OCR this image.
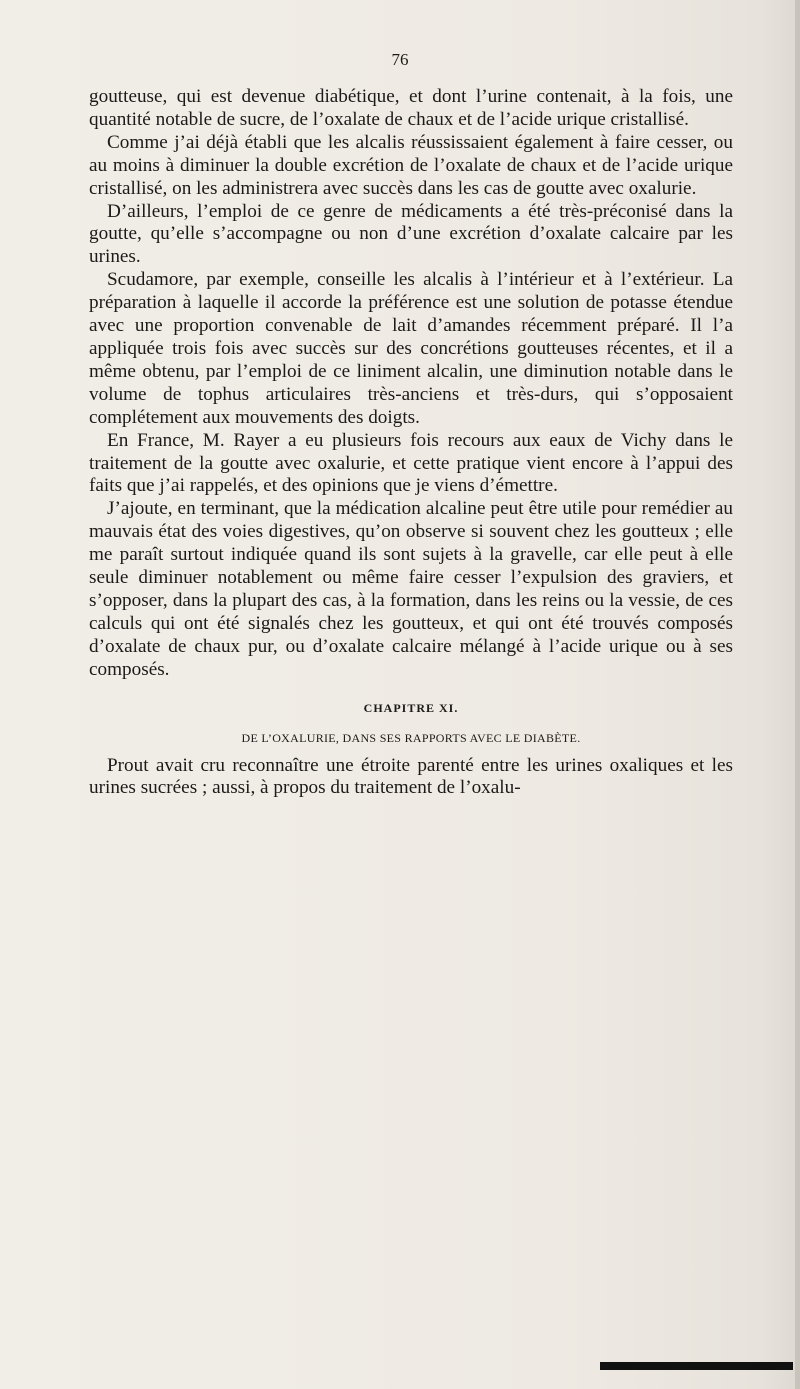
76

goutteuse, qui est devenue diabétique, et dont l’urine contenait, à la fois, une quantité notable de sucre, de l’oxalate de chaux et de l’acide urique cristallisé.

Comme j’ai déjà établi que les alcalis réussissaient également à faire cesser, ou au moins à diminuer la double excrétion de l’oxalate de chaux et de l’acide urique cristallisé, on les administrera avec succès dans les cas de goutte avec oxalurie.

D’ailleurs, l’emploi de ce genre de médicaments a été très-préconisé dans la goutte, qu’elle s’accompagne ou non d’une excrétion d’oxalate calcaire par les urines.

Scudamore, par exemple, conseille les alcalis à l’intérieur et à l’extérieur. La préparation à laquelle il accorde la préférence est une solution de potasse étendue avec une proportion convenable de lait d’amandes récemment préparé. Il l’a appliquée trois fois avec succès sur des concrétions goutteuses récentes, et il a même obtenu, par l’emploi de ce liniment alcalin, une diminution notable dans le volume de tophus articulaires très-anciens et très-durs, qui s’opposaient complétement aux mouvements des doigts.

En France, M. Rayer a eu plusieurs fois recours aux eaux de Vichy dans le traitement de la goutte avec oxalurie, et cette pratique vient encore à l’appui des faits que j’ai rappelés, et des opinions que je viens d’émettre.

J’ajoute, en terminant, que la médication alcaline peut être utile pour remédier au mauvais état des voies digestives, qu’on observe si souvent chez les goutteux ; elle me paraît surtout indiquée quand ils sont sujets à la gravelle, car elle peut à elle seule diminuer notablement ou même faire cesser l’expulsion des graviers, et s’opposer, dans la plupart des cas, à la formation, dans les reins ou la vessie, de ces calculs qui ont été signalés chez les goutteux, et qui ont été trouvés composés d’oxalate de chaux pur, ou d’oxalate calcaire mélangé à l’acide urique ou à ses composés.

CHAPITRE XI.
DE L’OXALURIE, DANS SES RAPPORTS AVEC LE DIABÈTE.

Prout avait cru reconnaître une étroite parenté entre les urines oxaliques et les urines sucrées ; aussi, à propos du traitement de l’oxalu-
